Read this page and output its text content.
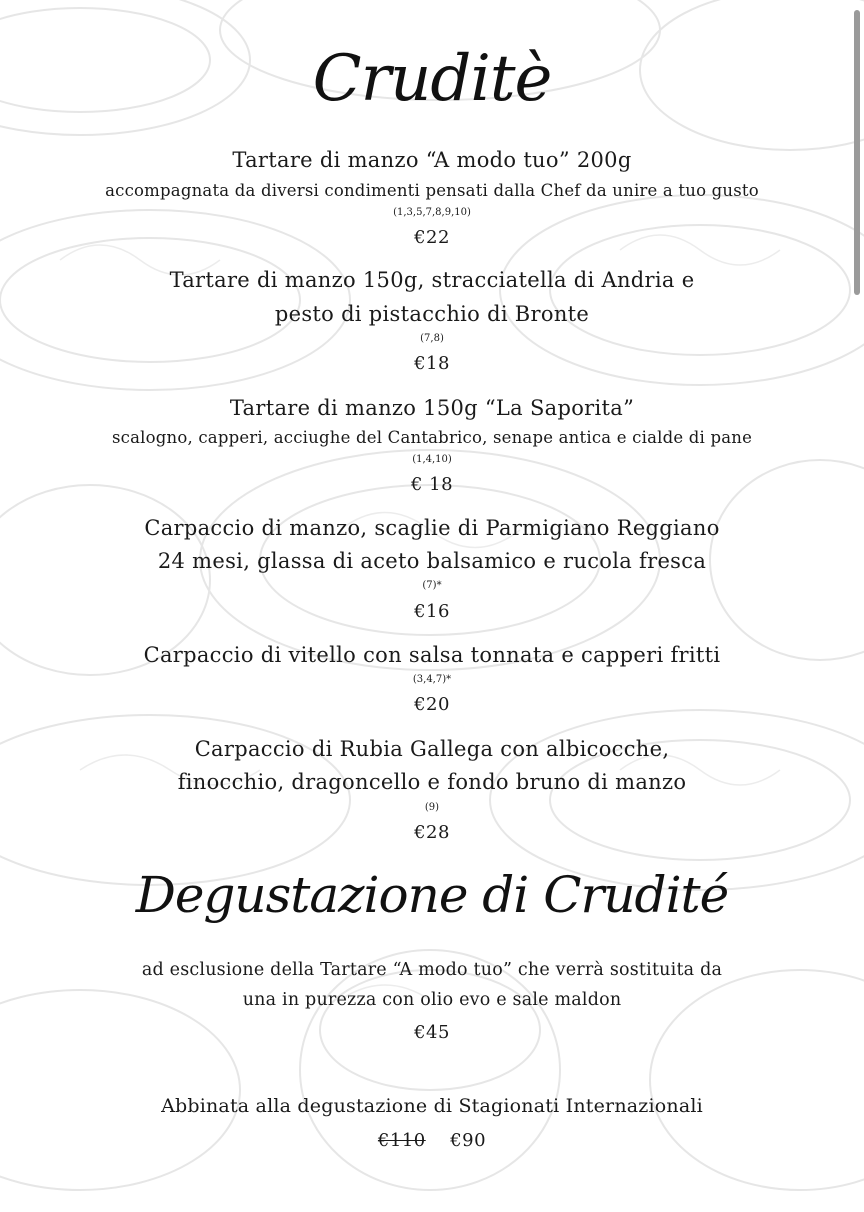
Cruditè
Tartare di manzo “A modo tuo” 200g
accompagnata da diversi condimenti pensati dalla Chef da unire a tuo gusto
(1,3,5,7,8,9,10)
€22
Tartare di manzo 150g, stracciatella di Andria e
pesto di pistacchio di Bronte
(7,8)
€18
Tartare di manzo 150g “La Saporita”
scalogno, capperi, acciughe del Cantabrico, senape antica e cialde di pane
(1,4,10)
€ 18
Carpaccio di manzo, scaglie di Parmigiano Reggiano
24 mesi, glassa di aceto balsamico e rucola fresca
(7)*
€16
Carpaccio di vitello con salsa tonnata e capperi fritti
(3,4,7)*
€20
Carpaccio di Rubia Gallega con albicocche,
finocchio, dragoncello e fondo bruno di manzo
(9)
€28
Degustazione di Crudité
ad esclusione della Tartare “A modo tuo” che verrà sostituita da
una in purezza con olio evo e sale maldon
€45
Abbinata alla degustazione di Stagionati Internazionali
€110 €90
